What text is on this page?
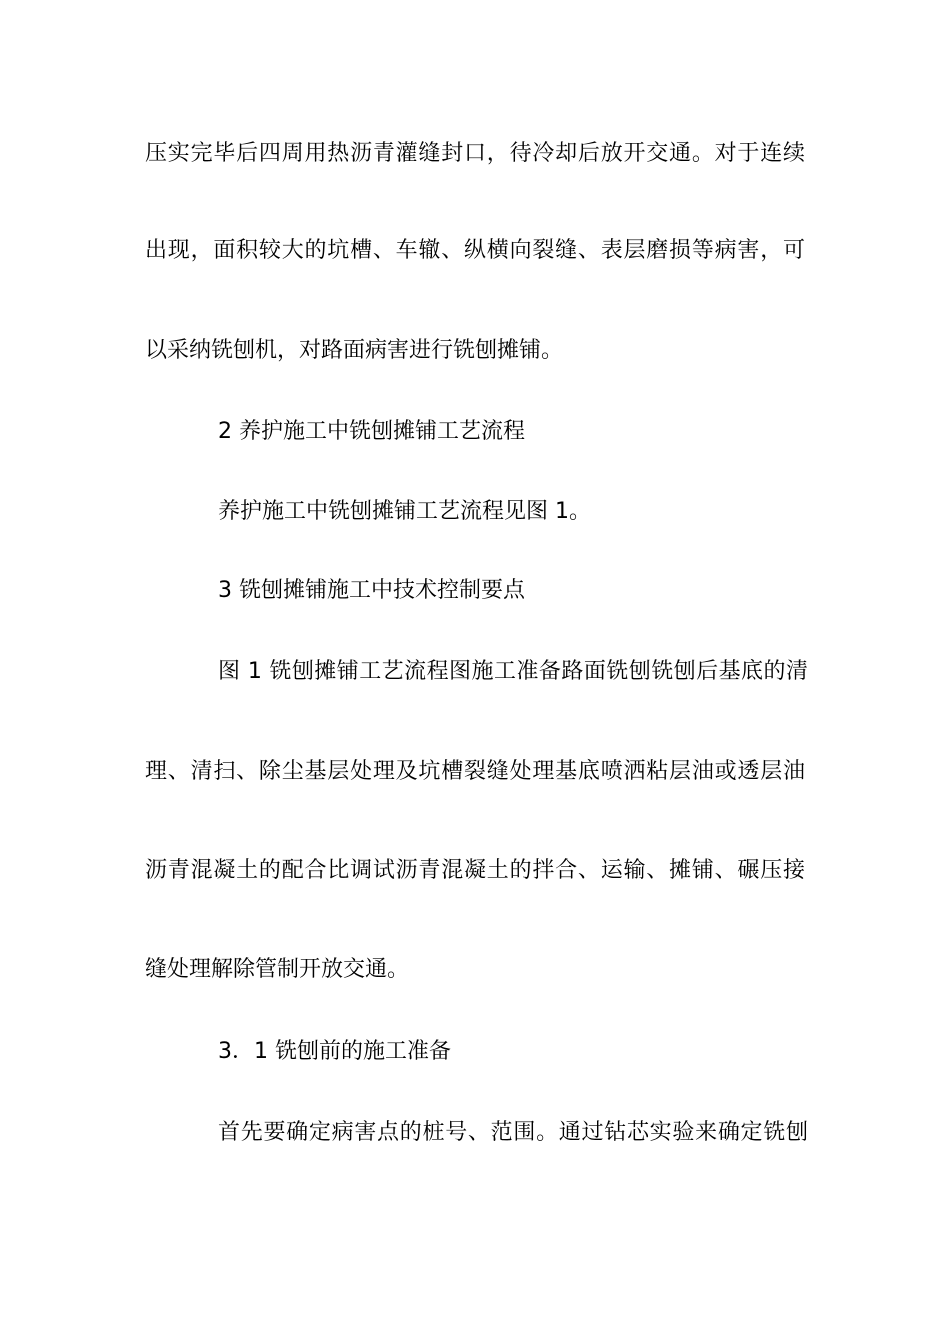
压实完毕后四周用热沥青灌缝封口，待冷却后放开交通。对于连续
出现，面积较大的坑槽、车辙、纵横向裂缝、表层磨损等病害，可
以采纳铣刨机，对路面病害进行铣刨摊铺。
2 养护施工中铣刨摊铺工艺流程
养护施工中铣刨摊铺工艺流程见图 1。
3 铣刨摊铺施工中技术控制要点
图 1 铣刨摊铺工艺流程图施工准备路面铣刨铣刨后基底的清
理、清扫、除尘基层处理及坑槽裂缝处理基底喷洒粘层油或透层油
沥青混凝土的配合比调试沥青混凝土的拌合、运输、摊铺、碾压接
缝处理解除管制开放交通。
3．1 铣刨前的施工准备
首先要确定病害点的桩号、范围。通过钻芯实验来确定铣刨
